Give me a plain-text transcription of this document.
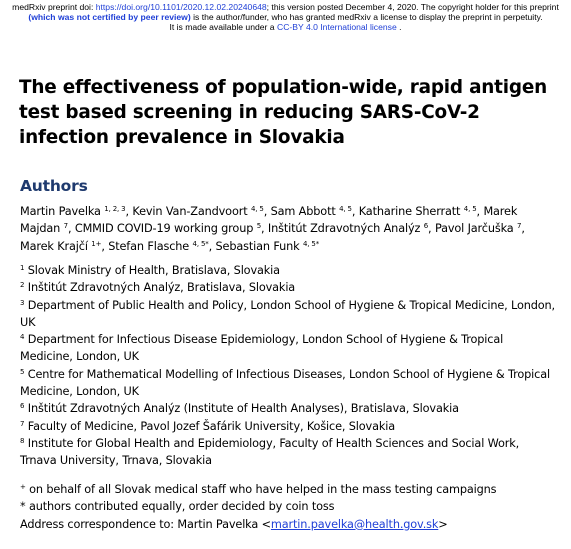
medRxiv preprint doi: https://doi.org/10.1101/2020.12.02.20240648; this version posted December 4, 2020. The copyright holder for this preprint (which was not certified by peer review) is the author/funder, who has granted medRxiv a license to display the preprint in perpetuity.
It is made available under a CC-BY 4.0 International license .
The effectiveness of population-wide, rapid antigen test based screening in reducing SARS-CoV-2 infection prevalence in Slovakia
Authors
Martin Pavelka $^{1, 2, 3}$, Kevin Van-Zandvoort $^{4, 5}$, Sam Abbott $^{4, 5}$, Katharine Sherratt $^{4, 5}$, Marek Majdan $^7$, CMMID COVID-19 working group $^5$, Inštitút Zdravotných Analýz $^6$, Pavol Jarčuška $^7$, Marek Krajčí $^{1+}$, Stefan Flasche $^{4, 5*}$, Sebastian Funk $^{4, 5*}$
$^1$ Slovak Ministry of Health, Bratislava, Slovakia
$^2$ Inštitút Zdravotných Analýz, Bratislava, Slovakia
$^3$ Department of Public Health and Policy, London School of Hygiene & Tropical Medicine, London, UK
$^4$ Department for Infectious Disease Epidemiology, London School of Hygiene & Tropical Medicine, London, UK
$^5$ Centre for Mathematical Modelling of Infectious Diseases, London School of Hygiene & Tropical Medicine, London, UK
$^6$ Inštitút Zdravotných Analýz (Institute of Health Analyses), Bratislava, Slovakia
$^7$ Faculty of Medicine, Pavol Jozef Šafárik University, Košice, Slovakia
$^8$ Institute for Global Health and Epidemiology, Faculty of Health Sciences and Social Work, Trnava University, Trnava, Slovakia
+ on behalf of all Slovak medical staff who have helped in the mass testing campaigns
* authors contributed equally, order decided by coin toss
Address correspondence to: Martin Pavelka <martin.pavelka@health.gov.sk>
